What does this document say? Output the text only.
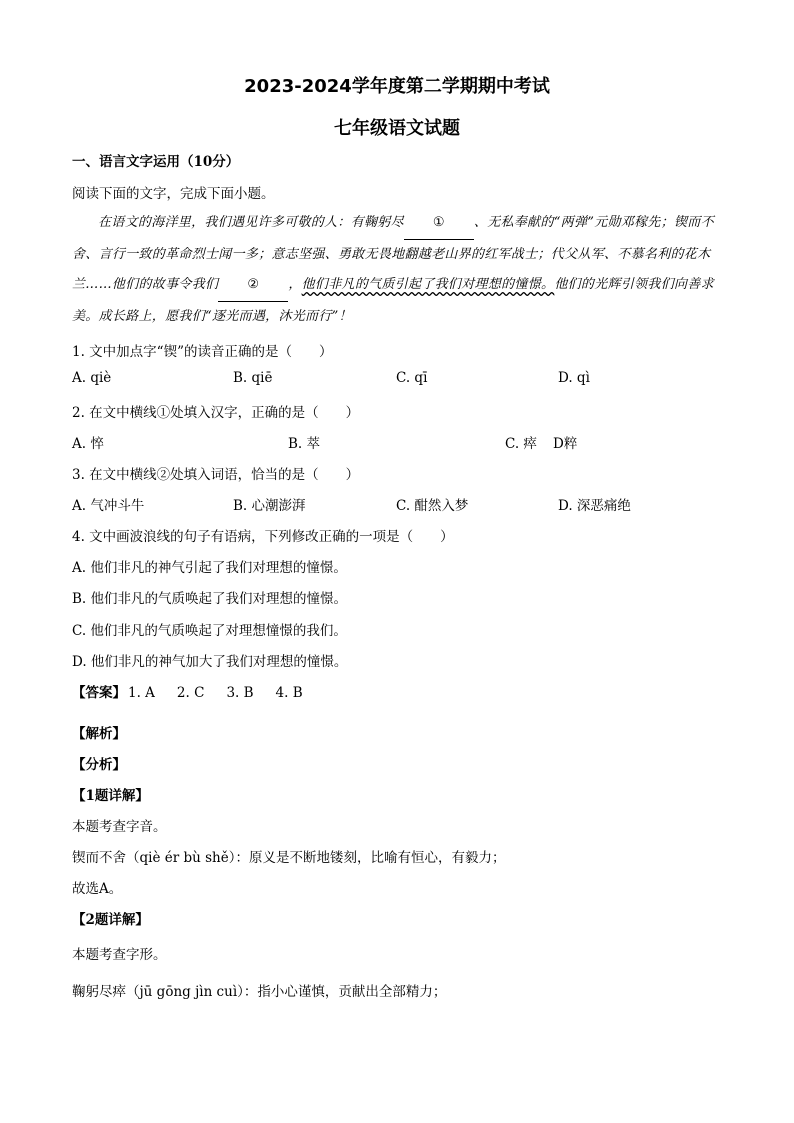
2023-2024学年度第二学期期中考试
七年级语文试题
一、语言文字运用（10分）
阅读下面的文字，完成下面小题。
在语文的海洋里，我们遇见许多可敬的人：有鞠躬尽 ① 、无私奉献的“两弹”元勋邓稼先；锲而不舍、言行一致的革命烈士闻一多；意志坚强、勇敢无畏地翻越老山界的红军战士；代父从军、不慕名利的花木兰……他们的故事令我们 ② ，他们非凡的气质引起了我们对理想的憧憬。他们的光辉引领我们向善求美。成长路上，愿我们“逐光而遇，沐光而行”！
1. 文中加点字“锲”的读音正确的是（　　）
A. qiè	B. qiē	C. qī	D. qì
2. 在文中横线①处填入汉字，正确的是（　　）
A. 悴	B. 萃	C. 瘁 D粹
3. 在文中横线②处填入词语，恰当的是（　　）
A. 气冲斗牛	B. 心潮澎湃	C. 酣然入梦	D. 深恶痛绝
4. 文中画波浪线的句子有语病，下列修改正确的一项是（　　）
A. 他们非凡的神气引起了我们对理想的憧憬。
B. 他们非凡的气质唤起了我们对理想的憧憬。
C. 他们非凡的气质唤起了对理想憧憬的我们。
D. 他们非凡的神气加大了我们对理想的憧憬。
【答案】 1. A 2. C 3. B 4. B
【解析】
【分析】
【1题详解】
本题考查字音。
锲而不舍（qiè ér bù shě）：原义是不断地镂刻，比喻有恒心，有毅力；
故选A。
【2题详解】
本题考查字形。
鞠躬尽瘁（jū gōng jìn cuì）：指小心谨慎，贡献出全部精力；
